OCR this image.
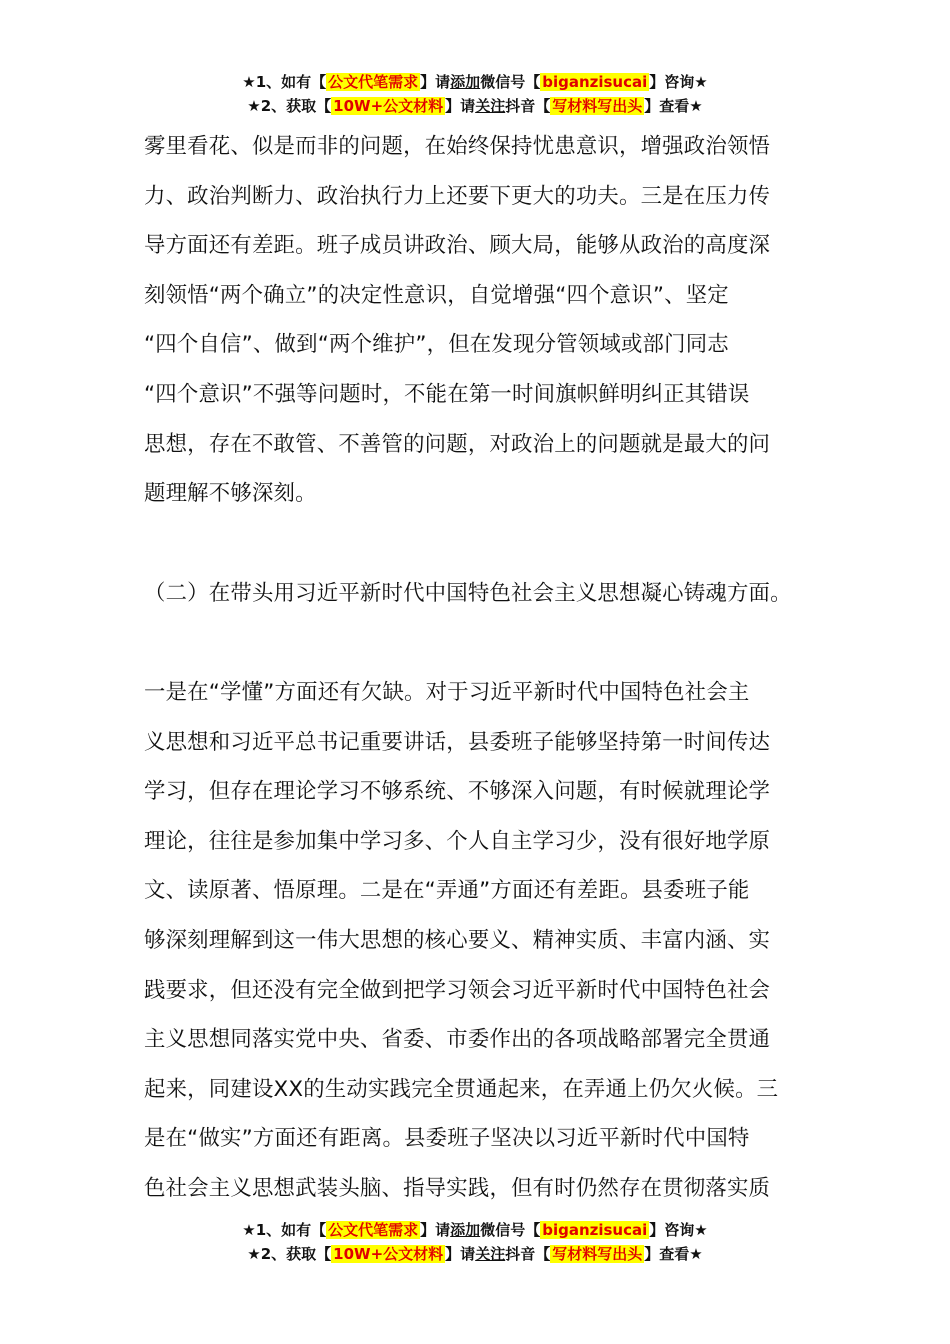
★1、如有【 公文代笔需求 】请添加微信号【 biganzisucai 】咨询★
★2、获取【 10W+公文材料 】请关注抖音【 写材料写出头 】查看★
雾里看花、似是而非的问题，在始终保持忧患意识，增强政治领悟
力、政治判断力、政治执行力上还要下更大的功夫。三是在压力传
导方面还有差距。班子成员讲政治、顾大局，能够从政治的高度深
刻领悟“两个确立”的决定性意识，自觉增强“四个意识”、坚定
“四个自信”、做到“两个维护”，但在发现分管领域或部门同志
“四个意识”不强等问题时，不能在第一时间旗帜鲜明纠正其错误
思想，存在不敢管、不善管的问题，对政治上的问题就是最大的问
题理解不够深刻。
（二）在带头用习近平新时代中国特色社会主义思想凝心铸魂方面。
一是在“学懂”方面还有欠缺。对于习近平新时代中国特色社会主
义思想和习近平总书记重要讲话，县委班子能够坚持第一时间传达
学习，但存在理论学习不够系统、不够深入问题，有时候就理论学
理论，往往是参加集中学习多、个人自主学习少，没有很好地学原
文、读原著、悟原理。二是在“弄通”方面还有差距。县委班子能
够深刻理解到这一伟大思想的核心要义、精神实质、丰富内涵、实
践要求，但还没有完全做到把学习领会习近平新时代中国特色社会
主义思想同落实党中央、省委、市委作出的各项战略部署完全贯通
起来，同建设XX的生动实践完全贯通起来，在弄通上仍欠火候。三
是在“做实”方面还有距离。县委班子坚决以习近平新时代中国特
色社会主义思想武装头脑、指导实践，但有时仍然存在贯彻落实质
★1、如有【 公文代笔需求 】请添加微信号【 biganzisucai 】咨询★
★2、获取【 10W+公文材料 】请关注抖音【 写材料写出头 】查看★
